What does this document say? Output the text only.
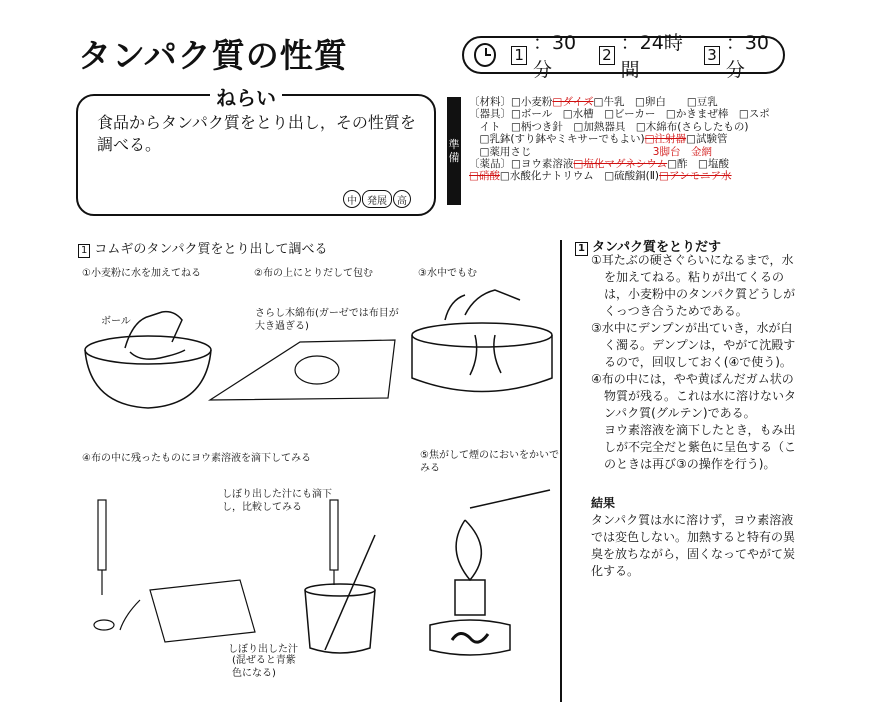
タンパク質の性質	1
：30分
2
：24時間
3
：30分
ねらい
食品からタンパク質をとり出し，その性質を調べる。
中	発展	高
準
備
〔材料〕□小麦粉□ダイズ□牛乳　□卵白　　□豆乳
〔器具〕□ボール　□水槽　□ビーカー　□かきまぜ棒　□スポ
　イト　□柄つき針　□加熱器具　□木綿布(さらしたもの)
　□乳鉢(すり鉢やミキサーでもよい)□注射器□試験管
　□薬用さじ	3脚台　金網
〔薬品〕□ヨウ素溶液□塩化マグネシウム□酢　□塩酸
□硝酸□水酸化ナトリウム　□硫酸銅(Ⅱ)□アンモニア水
1 コムギのタンパク質をとり出して調べる
①小麦粉に水を加えてねる	②布の上にとりだして包む	③水中でもむ
④布の中に残ったものにヨウ素溶液を滴下してみる	⑤焦がして煙のにおいをかいでみる
ボール
さらし木綿布(ガーゼでは布目が大き過ぎる)
しぼり出した汁にも滴下し，比較してみる
しぼり出した汁
(混ぜると青紫色になる)
1 タンパク質をとりだす

①耳たぶの硬さぐらいになるまで，水を加えてねる。粘りが出てくるのは，小麦粉中のタンパク質どうしがくっつき合うためである。

③水中にデンプンが出ていき，水が白く濁る。デンプンは，やがて沈殿するので，回収しておく(④で使う)。

④布の中には，やや黄ばんだガム状の物質が残る。これは水に溶けないタンパク質(グルテン)である。

ヨウ素溶液を滴下したとき，もみ出しが不完全だと紫色に呈色する（このときは再び③の操作を行う)。

結果

タンパク質は水に溶けず，ヨウ素溶液では変色しない。加熱すると特有の異臭を放ちながら，固くなってやがて炭化する。
